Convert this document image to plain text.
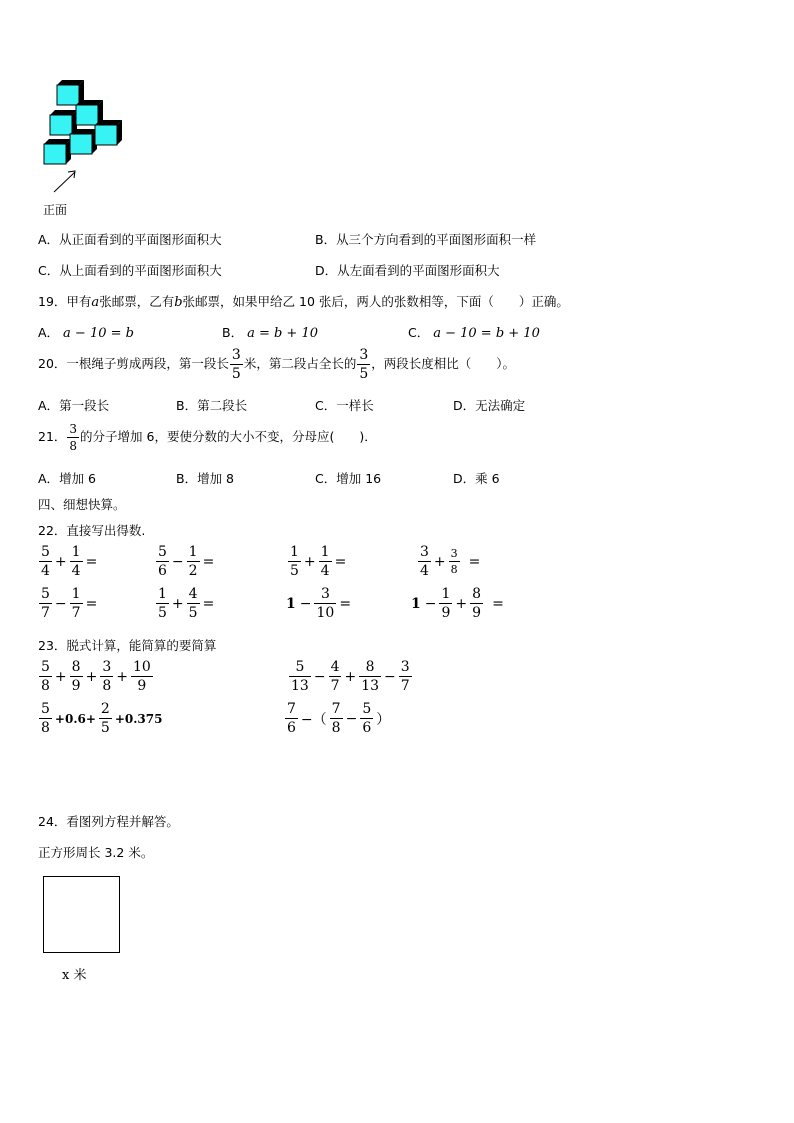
正面
A．从正面看到的平面图形面积大	B．从三个方向看到的平面图形面积一样
C．从上面看到的平面图形面积大	D．从左面看到的平面图形面积大
19．甲有a张邮票，乙有b张邮票，如果甲给乙 10 张后，两人的张数相等，下面（　　）正确。
A． a − 10 = b	B． a = b + 10	C． a − 10 = b + 10
20．一根绳子剪成两段，第一段长 $\frac{3}{5}$ 米，第二段占全长的 $\frac{3}{5}$ ，两段长度相比（　　）。
A．第一段长	B．第二段长	C．一样长	D．无法确定
21． $\frac{3}{8}$ 的分子增加 6，要使分数的大小不变，分母应(　　)．
A．增加 6	B．增加 8	C．增加 16	D．乘 6
四、细想快算。
22．直接写出得数.
$\frac{5}{4} + \frac{1}{4}$ =	$\frac{5}{6} - \frac{1}{2}$ =	$\frac{1}{5} + \frac{1}{4}$ =	$\frac{3}{4} + \frac{3}{8}$ =
$\frac{5}{7} - \frac{1}{7}$ =	$\frac{1}{5} + \frac{4}{5}$ =	$1 - \frac{3}{10}$ =	$1 - \frac{1}{9} + \frac{8}{9}$ =
23．脱式计算，能简算的要简算
$\frac{5}{8} + \frac{8}{9} + \frac{3}{8} + \frac{10}{9}$	$\frac{5}{13} - \frac{4}{7} + \frac{8}{13} - \frac{3}{7}$
$\frac{5}{8} +0.6+ \frac{2}{5} +0.375$	$\frac{7}{6}$ −（ $\frac{7}{8} - \frac{5}{6}$ ）
24．看图列方程并解答。
正方形周长 3.2 米。
x 米
